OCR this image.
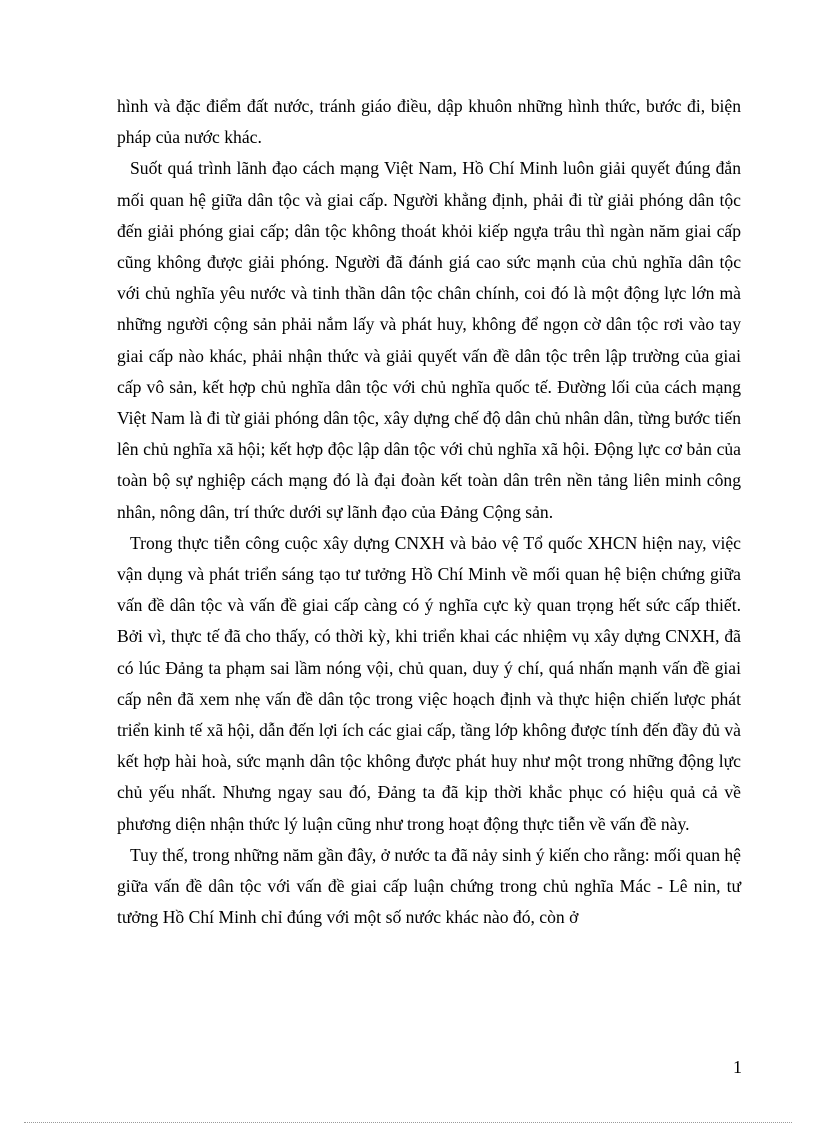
hình và đặc điểm đất nước, tránh giáo điều, dập khuôn những hình thức, bước đi, biện pháp của nước khác.

Suốt quá trình lãnh đạo cách mạng Việt Nam, Hồ Chí Minh luôn giải quyết đúng đắn mối quan hệ giữa dân tộc và giai cấp. Người khẳng định, phải đi từ giải phóng dân tộc đến giải phóng giai cấp; dân tộc không thoát khỏi kiếp ngựa trâu thì ngàn năm giai cấp cũng không được giải phóng. Người đã đánh giá cao sức mạnh của chủ nghĩa dân tộc với chủ nghĩa yêu nước và tinh thần dân tộc chân chính, coi đó là một động lực lớn mà những người cộng sản phải nắm lấy và phát huy, không để ngọn cờ dân tộc rơi vào tay giai cấp nào khác, phải nhận thức và giải quyết vấn đề dân tộc trên lập trường của giai cấp vô sản, kết hợp chủ nghĩa dân tộc với chủ nghĩa quốc tế. Đường lối của cách mạng Việt Nam là đi từ giải phóng dân tộc, xây dựng chế độ dân chủ nhân dân, từng bước tiến lên chủ nghĩa xã hội; kết hợp độc lập dân tộc với chủ nghĩa xã hội. Động lực cơ bản của toàn bộ sự nghiệp cách mạng đó là đại đoàn kết toàn dân trên nền tảng liên minh công nhân, nông dân, trí thức dưới sự lãnh đạo của Đảng Cộng sản.

Trong thực tiễn công cuộc xây dựng CNXH và bảo vệ Tổ quốc XHCN hiện nay, việc vận dụng và phát triển sáng tạo tư tưởng Hồ Chí Minh về mối quan hệ biện chứng giữa vấn đề dân tộc và vấn đề giai cấp càng có ý nghĩa cực kỳ quan trọng hết sức cấp thiết. Bởi vì, thực tế đã cho thấy, có thời kỳ, khi triển khai các nhiệm vụ xây dựng CNXH, đã có lúc Đảng ta phạm sai lầm nóng vội, chủ quan, duy ý chí, quá nhấn mạnh vấn đề giai cấp nên đã xem nhẹ vấn đề dân tộc trong việc hoạch định và thực hiện chiến lược phát triển kinh tế xã hội, dẫn đến lợi ích các giai cấp, tầng lớp không được tính đến đầy đủ và kết hợp hài hoà, sức mạnh dân tộc không được phát huy như một trong những động lực chủ yếu nhất. Nhưng ngay sau đó, Đảng ta đã kịp thời khắc phục có hiệu quả cả về phương diện nhận thức lý luận cũng như trong hoạt động thực tiễn về vấn đề này.

Tuy thế, trong những năm gần đây, ở nước ta đã nảy sinh ý kiến cho rằng: mối quan hệ giữa vấn đề dân tộc với vấn đề giai cấp luận chứng trong chủ nghĩa Mác - Lê nin, tư tưởng Hồ Chí Minh chỉ đúng với một số nước khác nào đó, còn ở

1
